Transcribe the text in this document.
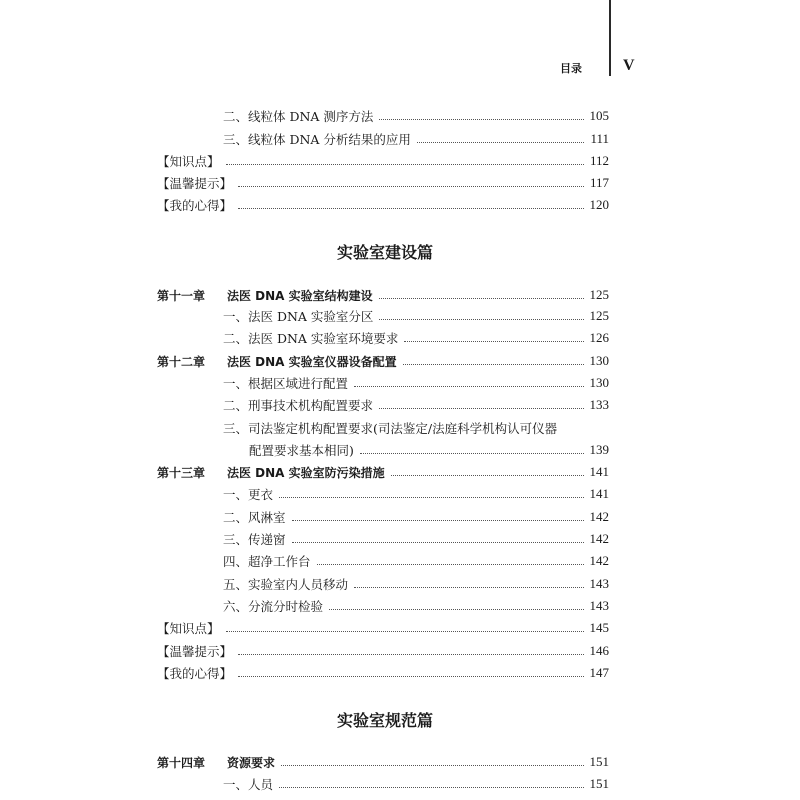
目录	V
二、线粒体 DNA 测序方法	105
三、线粒体 DNA 分析结果的应用	111
【知识点】	112
【温馨提示】	117
【我的心得】	120
实验室建设篇
第十一章	法医 DNA 实验室结构建设	125
一、法医 DNA 实验室分区	125
二、法医 DNA 实验室环境要求	126
第十二章	法医 DNA 实验室仪器设备配置	130
一、根据区域进行配置	130
二、刑事技术机构配置要求	133
三、司法鉴定机构配置要求(司法鉴定/法庭科学机构认可仪器
配置要求基本相同)	139
第十三章	法医 DNA 实验室防污染措施	141
一、更衣	141
二、风淋室	142
三、传递窗	142
四、超净工作台	142
五、实验室内人员移动	143
六、分流分时检验	143
【知识点】	145
【温馨提示】	146
【我的心得】	147
实验室规范篇
第十四章	资源要求	151
一、人员	151
